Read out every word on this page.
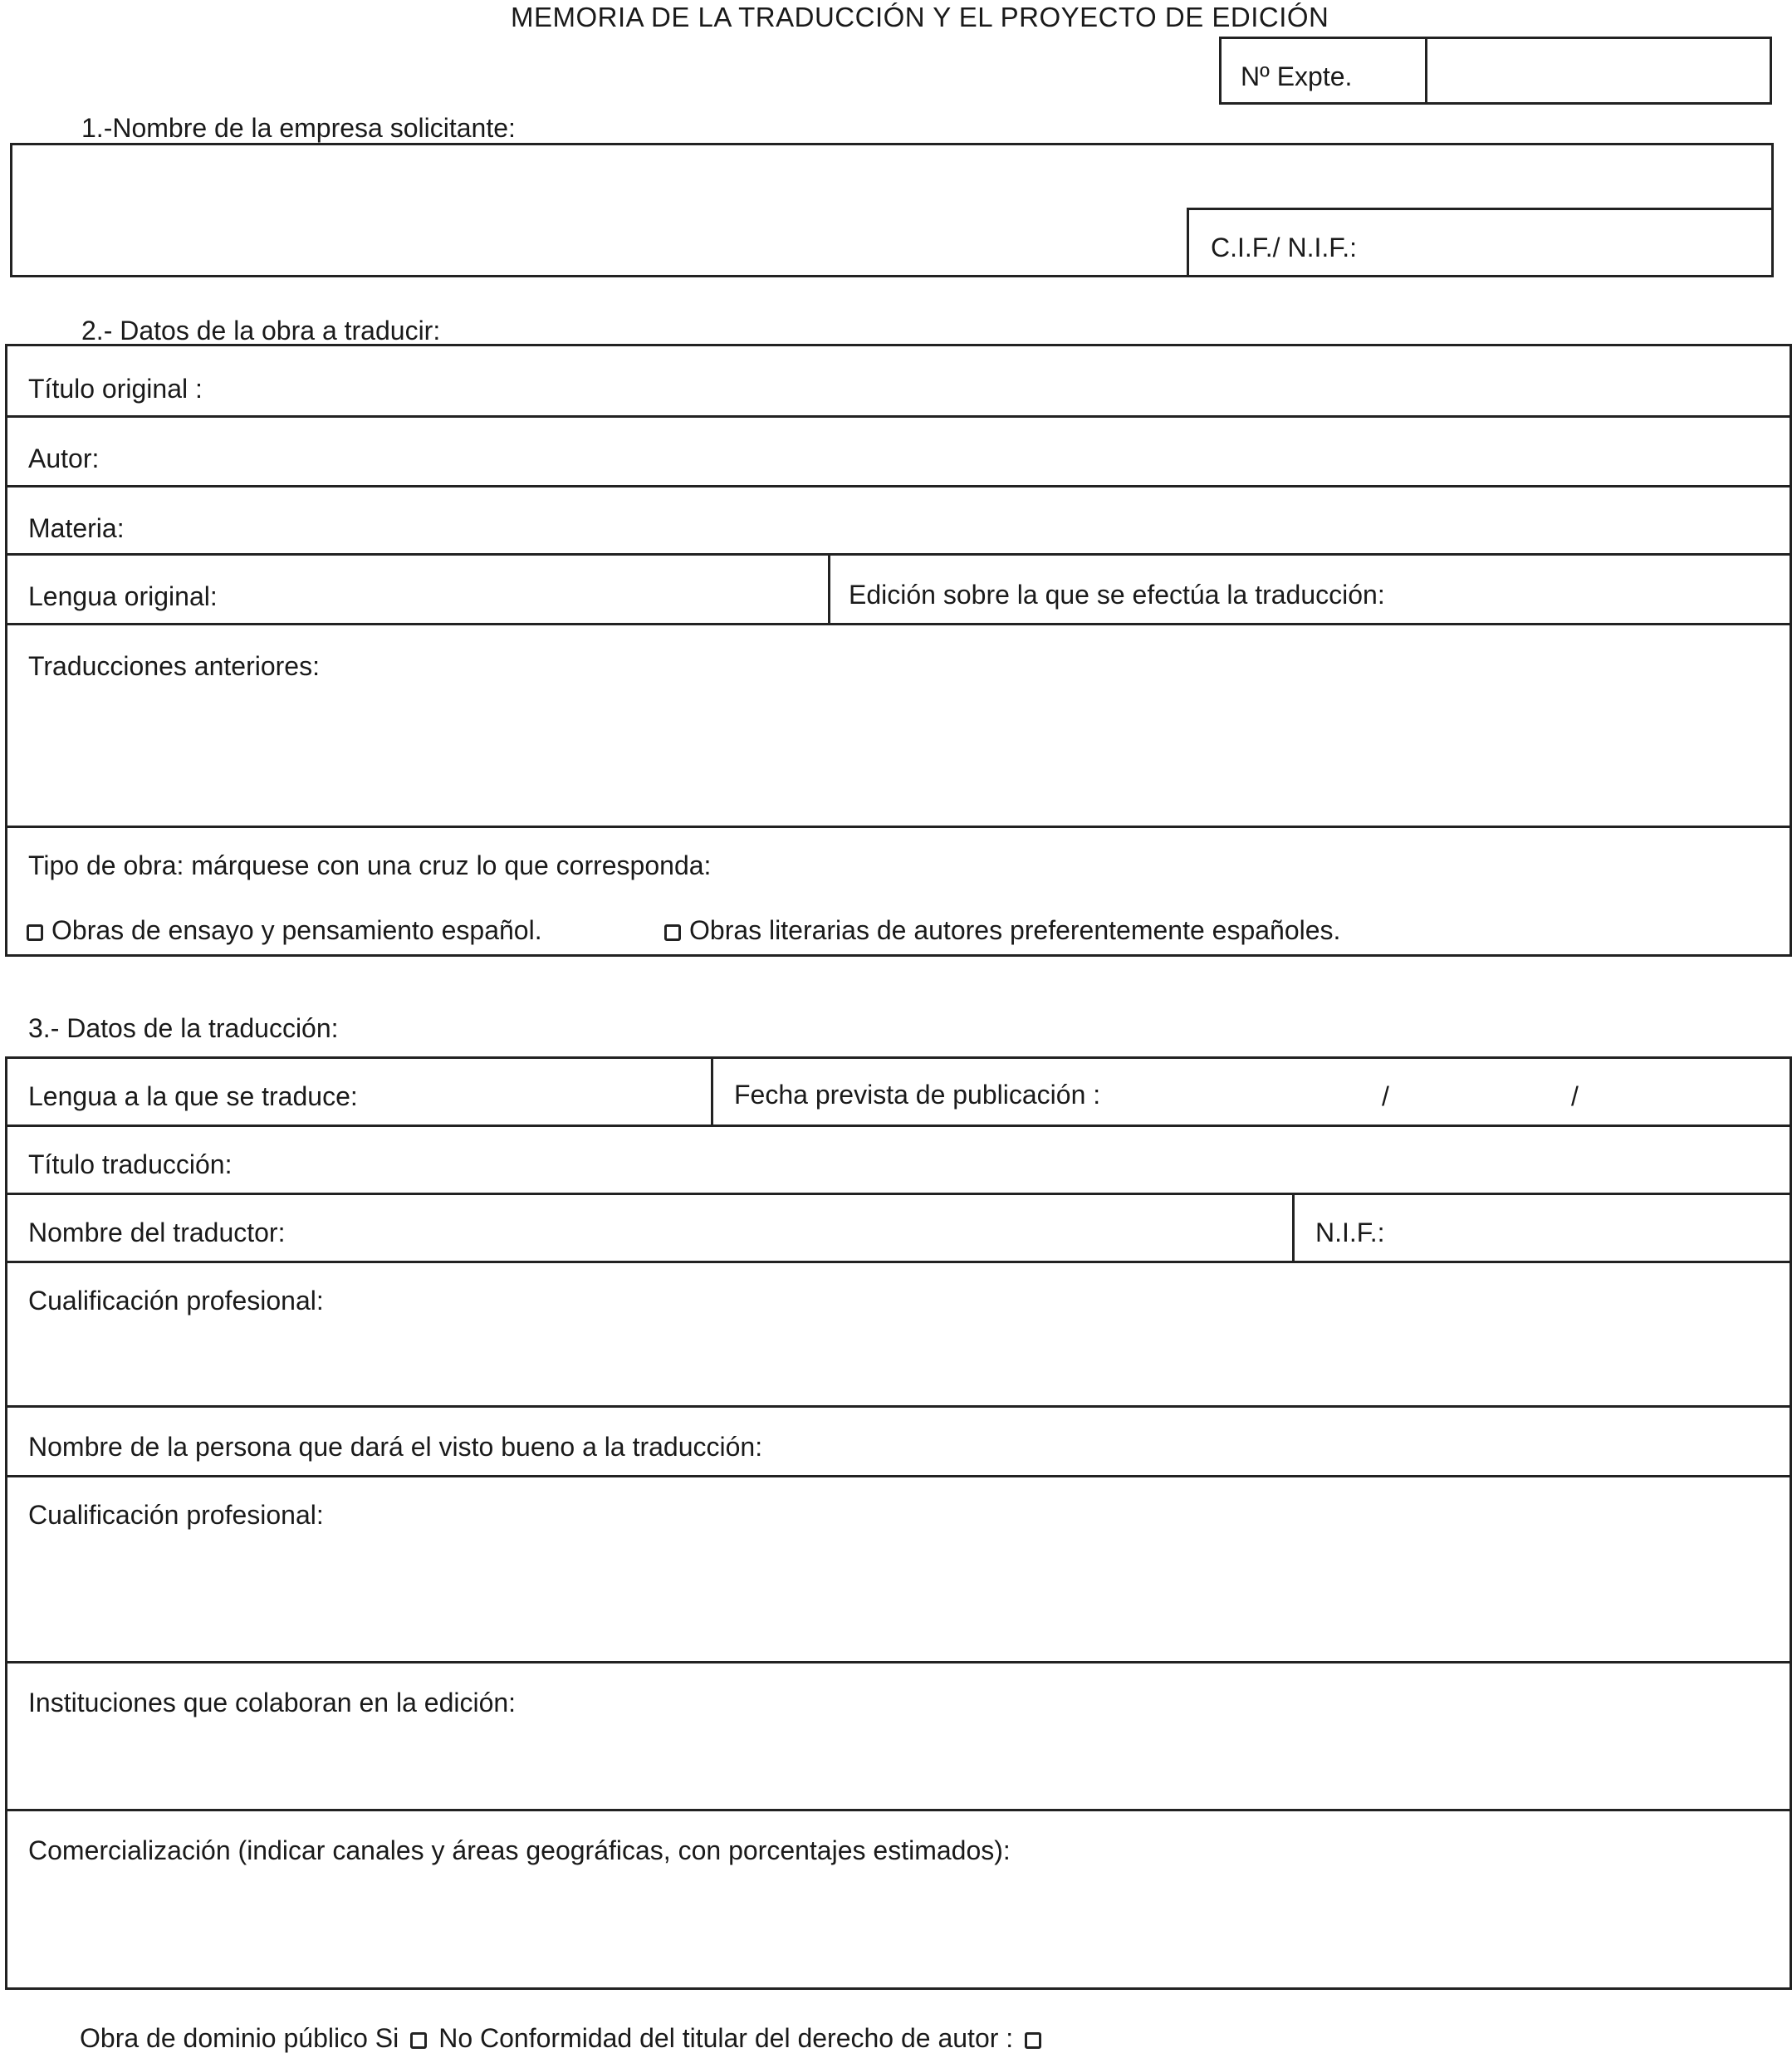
MEMORIA DE LA TRADUCCIÓN Y EL PROYECTO DE EDICIÓN
Nº Expte.
1.-Nombre de la empresa solicitante:
C.I.F./ N.I.F.:
2.- Datos de la obra a traducir:
Título original :
Autor:
Materia:
Lengua original:	Edición sobre la que se efectúa la traducción:
Traducciones anteriores:
Tipo de obra: márquese con una cruz lo que corresponda:
Obras de ensayo y pensamiento español.	Obras literarias de autores preferentemente españoles.
3.- Datos de la traducción:
Lengua a la que se traduce:	Fecha prevista de publicación :	/	/
Título traducción:
Nombre del traductor:	N.I.F.:
Cualificación profesional:
Nombre de la persona que dará el visto bueno a la traducción:
Cualificación profesional:
Instituciones que colaboran en la edición:
Comercialización (indicar canales y áreas geográficas, con porcentajes estimados):
Obra de dominio público Si No Conformidad del titular del derecho de autor :
